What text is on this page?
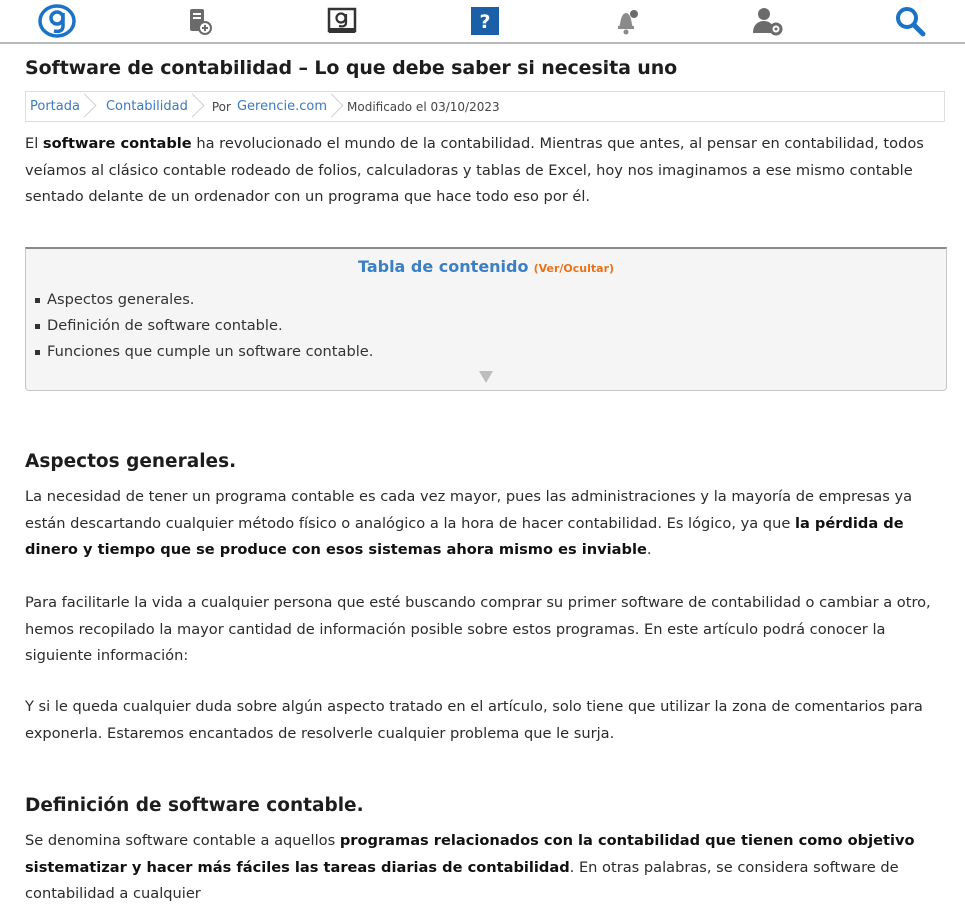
?
Software de contabilidad – Lo que debe saber si necesita uno
Portada Contabilidad Por Gerencie.com Modificado el 03/10/2023

El software contable ha revolucionado el mundo de la contabilidad. Mientras que antes, al pensar en contabilidad, todos veíamos al clásico contable rodeado de folios, calculadoras y tablas de Excel, hoy nos imaginamos a ese mismo contable sentado delante de un ordenador con un programa que hace todo eso por él.

Tabla de contenido (Ver/Ocultar)
Aspectos generales.
Definición de software contable.
Funciones que cumple un software contable.
Aspectos generales.

La necesidad de tener un programa contable es cada vez mayor, pues las administraciones y la mayoría de empresas ya están descartando cualquier método físico o analógico a la hora de hacer contabilidad. Es lógico, ya que la pérdida de dinero y tiempo que se produce con esos sistemas ahora mismo es inviable.

Para facilitarle la vida a cualquier persona que esté buscando comprar su primer software de contabilidad o cambiar a otro, hemos recopilado la mayor cantidad de información posible sobre estos programas. En este artículo podrá conocer la siguiente información:

Y si le queda cualquier duda sobre algún aspecto tratado en el artículo, solo tiene que utilizar la zona de comentarios para exponerla. Estaremos encantados de resolverle cualquier problema que le surja.

Definición de software contable.

Se denomina software contable a aquellos programas relacionados con la contabilidad que tienen como objetivo sistematizar y hacer más fáciles las tareas diarias de contabilidad. En otras palabras, se considera software de contabilidad a cualquier
